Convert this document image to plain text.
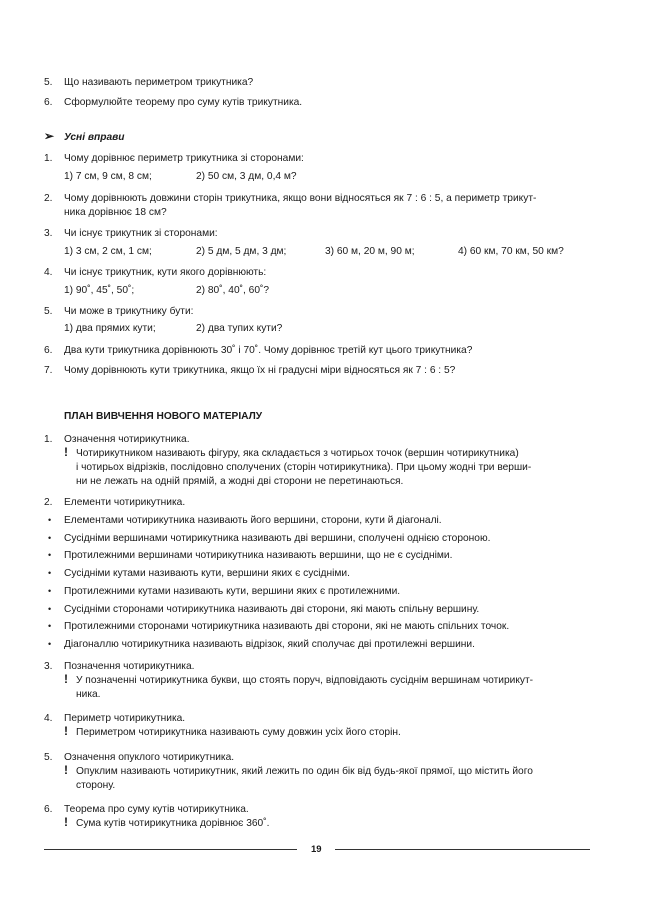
5. Що називають периметром трикутника?
6. Сформулюйте теорему про суму кутів трикутника.
➢ Усні вправи
1. Чому дорівнює периметр трикутника зі сторонами:
1) 7 см, 9 см, 8 см;	2) 50 см, 3 дм, 0,4 м?
2. Чому дорівнюють довжини сторін трикутника, якщо вони відносяться як 7 : 6 : 5, а периметр трикут-
ника дорівнює 18 см?
3. Чи існує трикутник зі сторонами:
1) 3 см, 2 см, 1 см;	2) 5 дм, 5 дм, 3 дм;	3) 60 м, 20 м, 90 м;	4) 60 км, 70 км, 50 км?
4. Чи існує трикутник, кути якого дорівнюють:
1) 90˚, 45˚, 50˚;	2) 80˚, 40˚, 60˚?
5. Чи може в трикутнику бути:
1) два прямих кути;	2) два тупих кути?
6. Два кути трикутника дорівнюють 30˚ і 70˚. Чому дорівнює третій кут цього трикутника?
7. Чому дорівнюють кути трикутника, якщо їх ні градусні міри відносяться як 7 : 6 : 5?
ПЛАН ВИВЧЕННЯ НОВОГО МАТЕРІАЛУ
1. Означення чотирикутника.
! Чотирикутником називають фігуру, яка складається з чотирьох точок (вершин чотирикутника)
і чотирьох відрізків, послідовно сполучених (сторін чотирикутника). При цьому жодні три верши-
ни не лежать на одній прямій, а жодні дві сторони не перетинаються.
2. Елементи чотирикутника.
• Елементами чотирикутника називають його вершини, сторони, кути й діагоналі.
• Сусідніми вершинами чотирикутника називають дві вершини, сполучені однією стороною.
• Протилежними вершинами чотирикутника називають вершини, що не є сусідніми.
• Сусідніми кутами називають кути, вершини яких є сусідніми.
• Протилежними кутами називають кути, вершини яких є протилежними.
• Сусідніми сторонами чотирикутника називають дві сторони, які мають спільну вершину.
• Протилежними сторонами чотирикутника називають дві сторони, які не мають спільних точок.
• Діагоналлю чотирикутника називають відрізок, який сполучає дві протилежні вершини.
3. Позначення чотирикутника.
! У позначенні чотирикутника букви, що стоять поруч, відповідають сусіднім вершинам чотирикут-
ника.
4. Периметр чотирикутника.
! Периметром чотирикутника називають суму довжин усіх його сторін.
5. Означення опуклого чотирикутника.
! Опуклим називають чотирикутник, який лежить по один бік від будь-якої прямої, що містить його
сторону.
6. Теорема про суму кутів чотирикутника.
! Сума кутів чотирикутника дорівнює 360˚.
19
